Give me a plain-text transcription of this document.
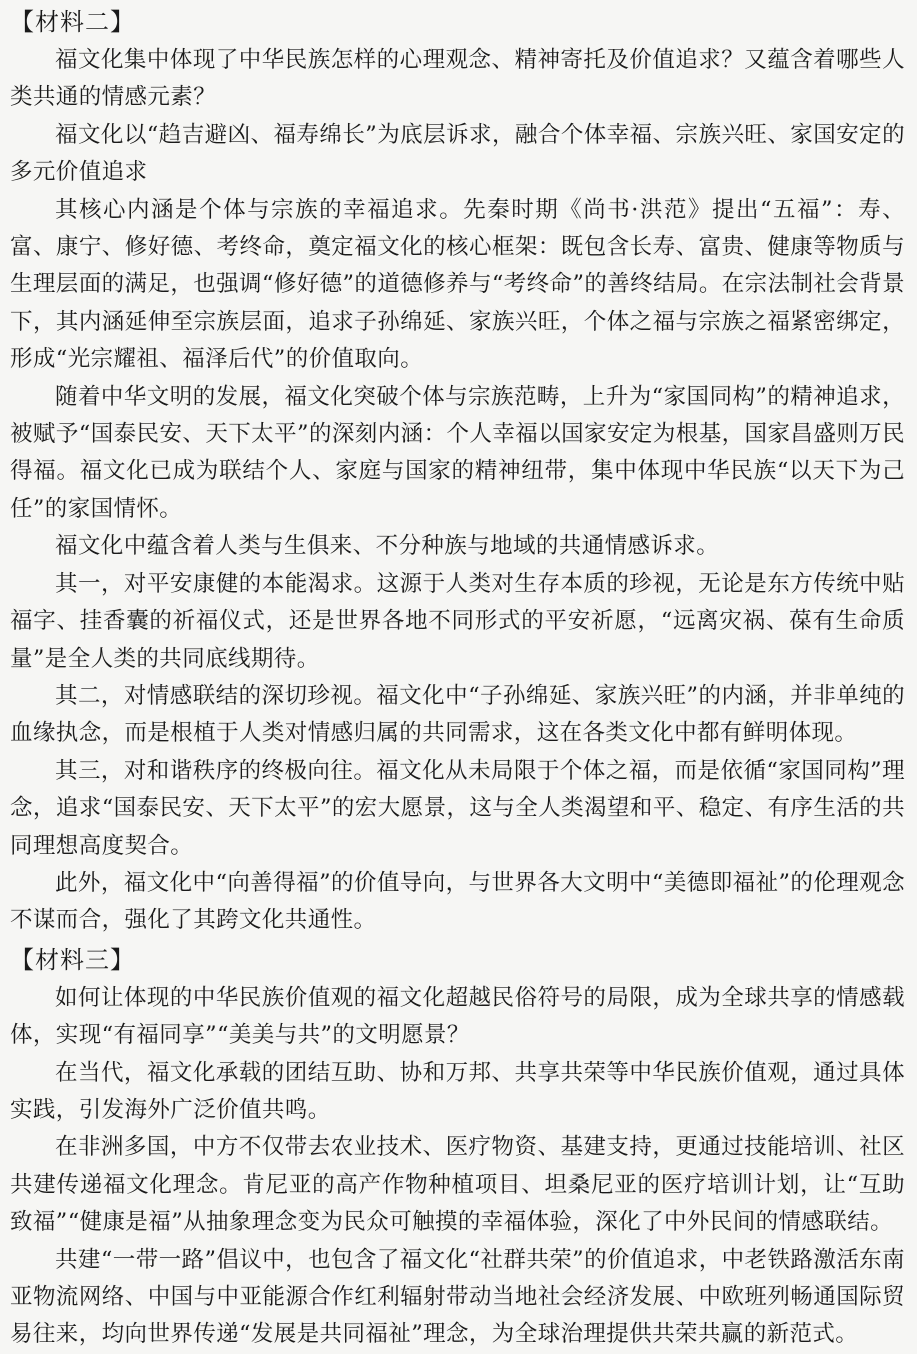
【材料二】

福文化集中体现了中华民族怎样的心理观念、精神寄托及价值追求？又蕴含着哪些人类共通的情感元素？

福文化以“趋吉避凶、福寿绵长”为底层诉求，融合个体幸福、宗族兴旺、家国安定的多元价值追求

其核心内涵是个体与宗族的幸福追求。先秦时期《尚书·洪范》提出“五福”：寿、富、康宁、修好德、考终命，奠定福文化的核心框架：既包含长寿、富贵、健康等物质与生理层面的满足，也强调“修好德”的道德修养与“考终命”的善终结局。在宗法制社会背景下，其内涵延伸至宗族层面，追求子孙绵延、家族兴旺，个体之福与宗族之福紧密绑定，形成“光宗耀祖、福泽后代”的价值取向。

随着中华文明的发展，福文化突破个体与宗族范畴，上升为“家国同构”的精神追求，被赋予“国泰民安、天下太平”的深刻内涵：个人幸福以国家安定为根基，国家昌盛则万民得福。福文化已成为联结个人、家庭与国家的精神纽带，集中体现中华民族“以天下为己任”的家国情怀。

福文化中蕴含着人类与生俱来、不分种族与地域的共通情感诉求。

其一，对平安康健的本能渴求。这源于人类对生存本质的珍视，无论是东方传统中贴福字、挂香囊的祈福仪式，还是世界各地不同形式的平安祈愿，“远离灾祸、葆有生命质量”是全人类的共同底线期待。

其二，对情感联结的深切珍视。福文化中“子孙绵延、家族兴旺”的内涵，并非单纯的血缘执念，而是根植于人类对情感归属的共同需求，这在各类文化中都有鲜明体现。

其三，对和谐秩序的终极向往。福文化从未局限于个体之福，而是依循“家国同构”理念，追求“国泰民安、天下太平”的宏大愿景，这与全人类渴望和平、稳定、有序生活的共同理想高度契合。

此外，福文化中“向善得福”的价值导向，与世界各大文明中“美德即福祉”的伦理观念不谋而合，强化了其跨文化共通性。

【材料三】

如何让体现的中华民族价值观的福文化超越民俗符号的局限，成为全球共享的情感载体，实现“有福同享”“美美与共”的文明愿景？

在当代，福文化承载的团结互助、协和万邦、共享共荣等中华民族价值观，通过具体实践，引发海外广泛价值共鸣。

在非洲多国，中方不仅带去农业技术、医疗物资、基建支持，更通过技能培训、社区共建传递福文化理念。肯尼亚的高产作物种植项目、坦桑尼亚的医疗培训计划，让“互助致福”“健康是福”从抽象理念变为民众可触摸的幸福体验，深化了中外民间的情感联结。

共建“一带一路”倡议中，也包含了福文化“社群共荣”的价值追求，中老铁路激活东南亚物流网络、中国与中亚能源合作红利辐射带动当地社会经济发展、中欧班列畅通国际贸易往来，均向世界传递“发展是共同福祉”理念，为全球治理提供共荣共赢的新范式。
